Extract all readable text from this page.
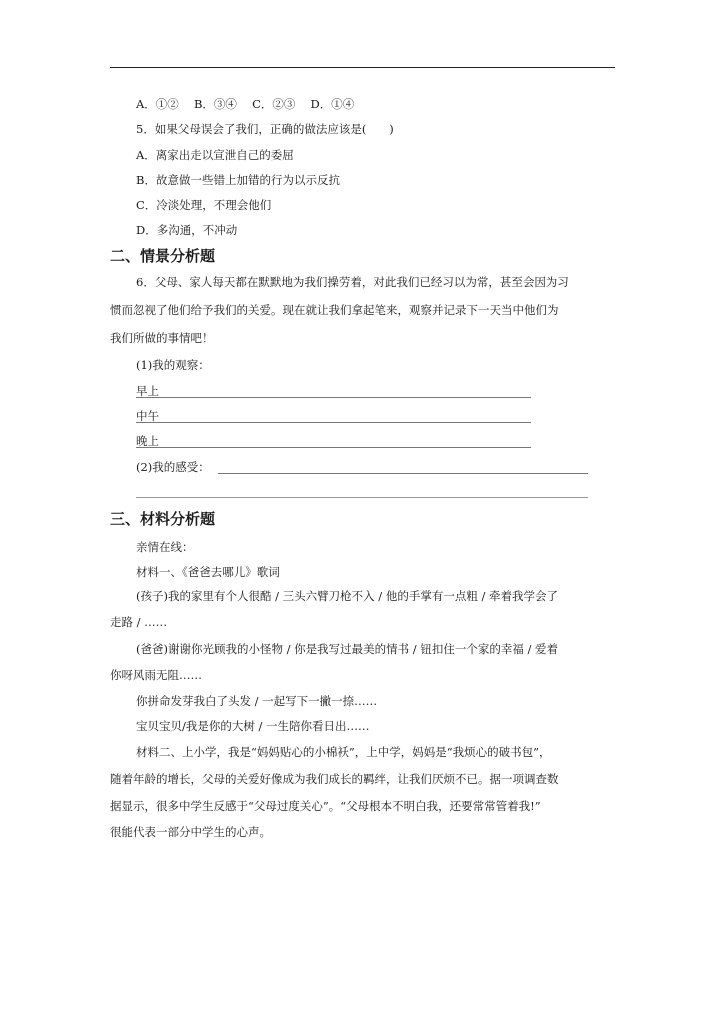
A．①②　 B．③④　 C．②③　 D．①④
5．如果父母误会了我们，正确的做法应该是(　　)
A．离家出走以宣泄自己的委屈
B．故意做一些错上加错的行为以示反抗
C．冷淡处理，不理会他们
D．多沟通，不冲动
二、情景分析题
6．父母、家人每天都在默默地为我们操劳着，对此我们已经习以为常，甚至会因为习
惯而忽视了他们给予我们的关爱。现在就让我们拿起笔来，观察并记录下一天当中他们为
我们所做的事情吧！
(1)我的观察：
早上
中午
晚上
(2)我的感受：
三、材料分析题
亲情在线：
材料一、《爸爸去哪儿》歌词
(孩子)我的家里有个人很酷 / 三头六臂刀枪不入 / 他的手掌有一点粗 / 牵着我学会了
走路 / ……
(爸爸)谢谢你光顾我的小怪物 / 你是我写过最美的情书 / 钮扣住一个家的幸福 / 爱着
你呀风雨无阻……
你拼命发芽我白了头发 / 一起写下一撇一捺……
宝贝宝贝/我是你的大树 / 一生陪你看日出……
材料二、上小学，我是“妈妈贴心的小棉袄”，上中学，妈妈是“我烦心的破书包”，
随着年龄的增长，父母的关爱好像成为我们成长的羁绊，让我们厌烦不已。据一项调查数
据显示，很多中学生反感于“父母过度关心”。“父母根本不明白我，还要常常管着我!”
很能代表一部分中学生的心声。
